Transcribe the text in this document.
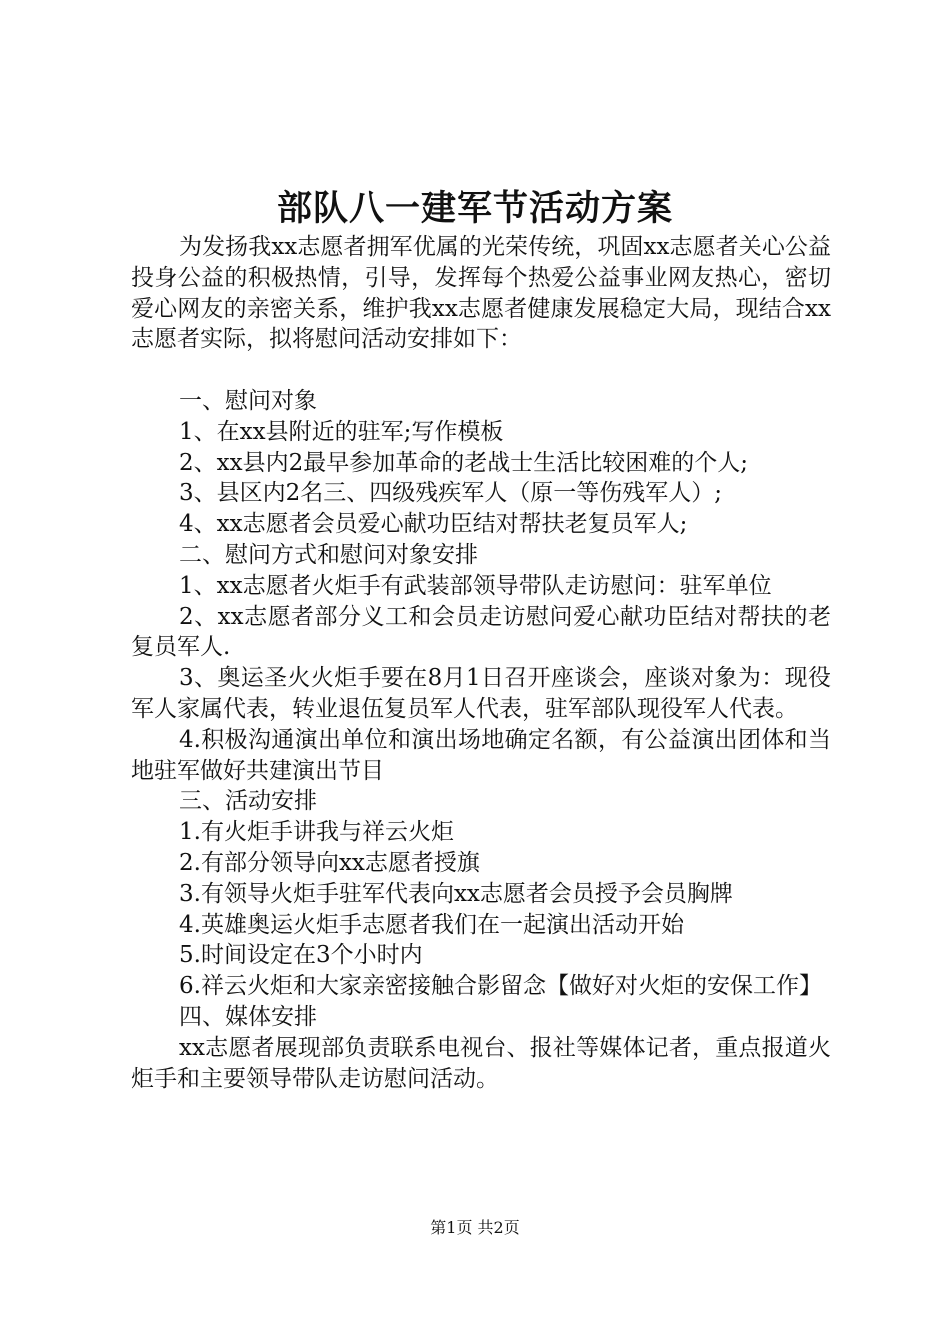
部队八一建军节活动方案

为发扬我xx志愿者拥军优属的光荣传统，巩固xx志愿者关心公益投身公益的积极热情，引导，发挥每个热爱公益事业网友热心，密切爱心网友的亲密关系，维护我xx志愿者健康发展稳定大局，现结合xx志愿者实际，拟将慰问活动安排如下：

一、慰问对象

1、在xx县附近的驻军;写作模板

2、xx县内2最早参加革命的老战士生活比较困难的个人;

3、县区内2名三、四级残疾军人（原一等伤残军人）;

4、xx志愿者会员爱心献功臣结对帮扶老复员军人;

二、慰问方式和慰问对象安排

1、xx志愿者火炬手有武装部领导带队走访慰问：驻军单位

2、xx志愿者部分义工和会员走访慰问爱心献功臣结对帮扶的老复员军人.

3、奥运圣火火炬手要在8月1日召开座谈会，座谈对象为：现役军人家属代表，转业退伍复员军人代表，驻军部队现役军人代表。

4.积极沟通演出单位和演出场地确定名额，有公益演出团体和当地驻军做好共建演出节目

三、活动安排

1.有火炬手讲我与祥云火炬

2.有部分领导向xx志愿者授旗

3.有领导火炬手驻军代表向xx志愿者会员授予会员胸牌

4.英雄奥运火炬手志愿者我们在一起演出活动开始

5.时间设定在3个小时内

6.祥云火炬和大家亲密接触合影留念【做好对火炬的安保工作】

四、媒体安排

xx志愿者展现部负责联系电视台、报社等媒体记者，重点报道火炬手和主要领导带队走访慰问活动。

第1页 共2页
